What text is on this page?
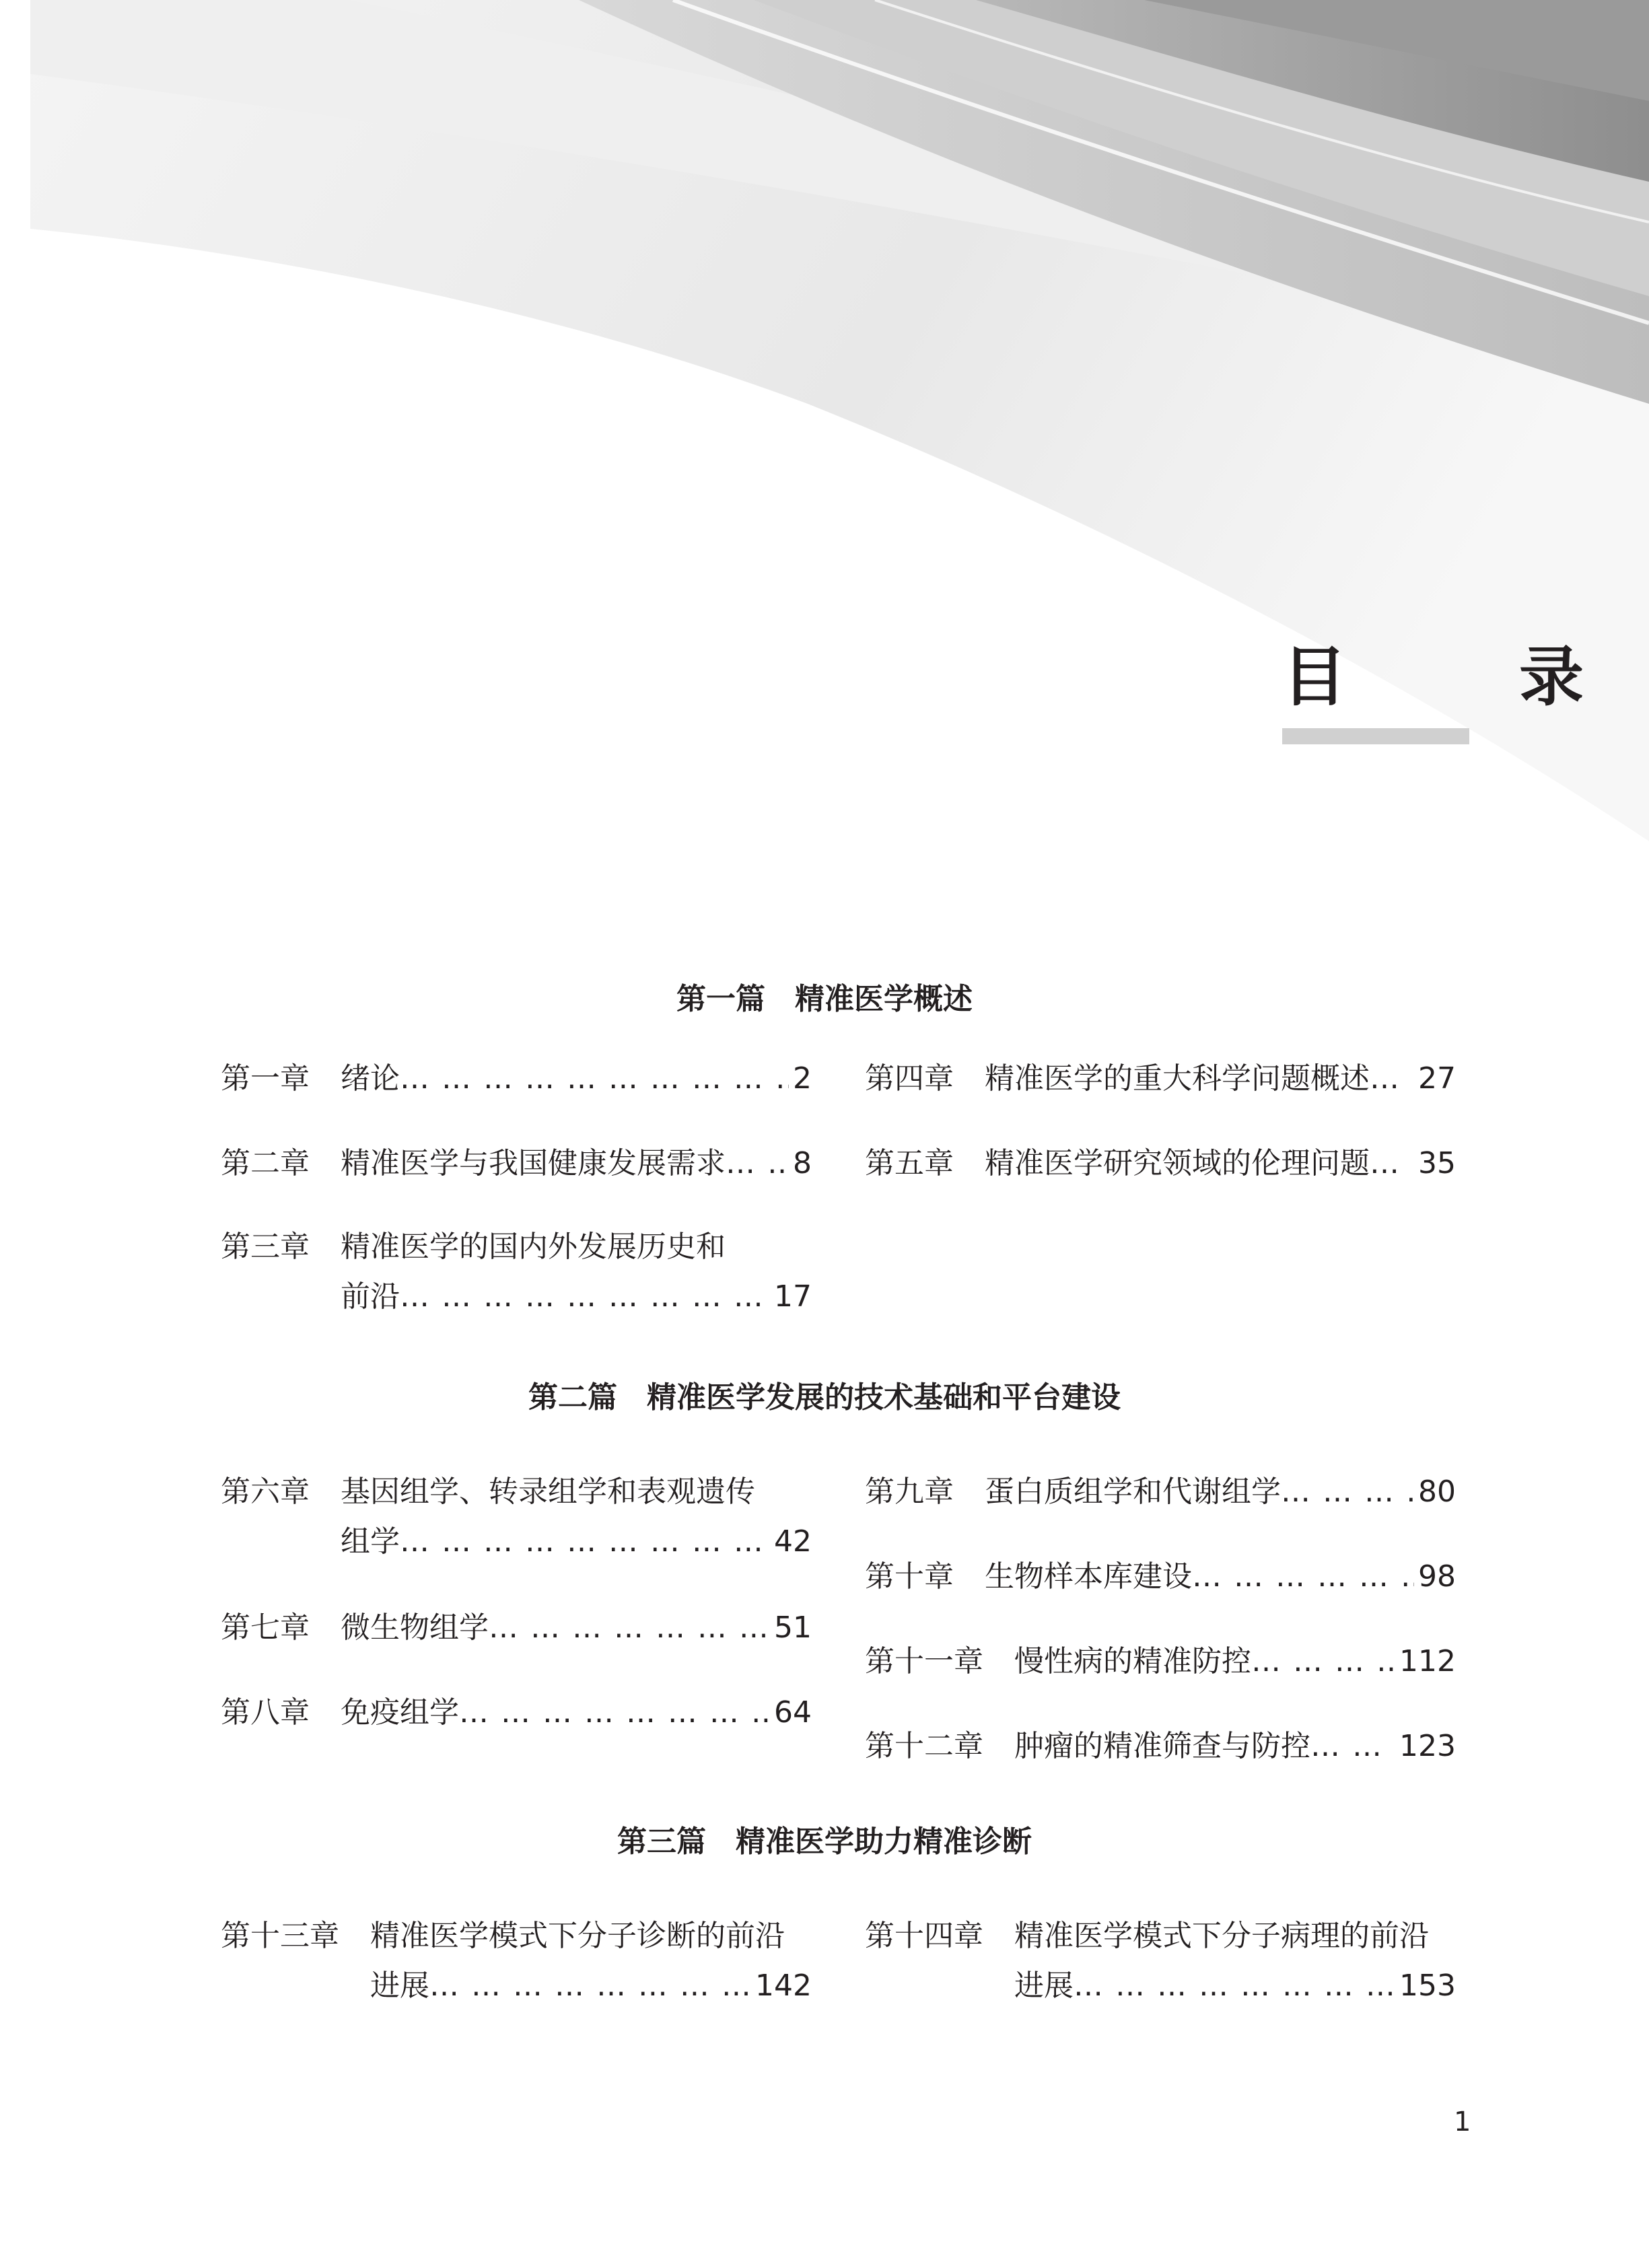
目　录
第一篇　精准医学概述
第一章	绪论 … … … … … … … … … … … … … … … … … … … … … … … … … … … … … … … …	2
第二章	精准医学与我国健康发展需求 … … … … … … … … … … … … … … … … … … … … … … … … … … … … … … … … 8
第三章	精准医学的国内外发展历史和
前沿 … … … … … … … … … … … … … … … … … … … … … … … … … … … … … … … …	17
第四章	精准医学的重大科学问题概述 … … … … … … … … … … … … … … … … … … … … … … … … … … … … … … … … 27
第五章	精准医学研究领域的伦理问题 … … … … … … … … … … … … … … … … … … … … … … … … … … … … … … … … 35
第二篇　精准医学发展的技术基础和平台建设
第六章	基因组学、转录组学和表观遗传
组学 … … … … … … … … … … … … … … … … … … … … … … … … … … … … … … … …	42
第七章	微生物组学 … … … … … … … … … … … … … … … … … … … … … … … … … … … … … … … …	51
第八章	免疫组学 … … … … … … … … … … … … … … … … … … … … … … … … … … … … … … … …	64
第九章	蛋白质组学和代谢组学 … … … … … … … … … … … … … … … … … … … … … … … … … … … … … … … …	80
第十章	生物样本库建设 … … … … … … … … … … … … … … … … … … … … … … … … … … … … … … … …	98
第十一章	慢性病的精准防控 … … … … … … … … … … … … … … … … … … … … … … … … … … … … … … … …	112
第十二章	肿瘤的精准筛查与防控 … … … … … … … … … … … … … … … … … … … … … … … … … … … … … … … …	123
第三篇　精准医学助力精准诊断
第十三章	精准医学模式下分子诊断的前沿
进展 … … … … … … … … … … … … … … … … … … … … … … … … … … … … … … … …	142
第十四章	精准医学模式下分子病理的前沿
进展 … … … … … … … … … … … … … … … … … … … … … … … … … … … … … … … …	153
1
